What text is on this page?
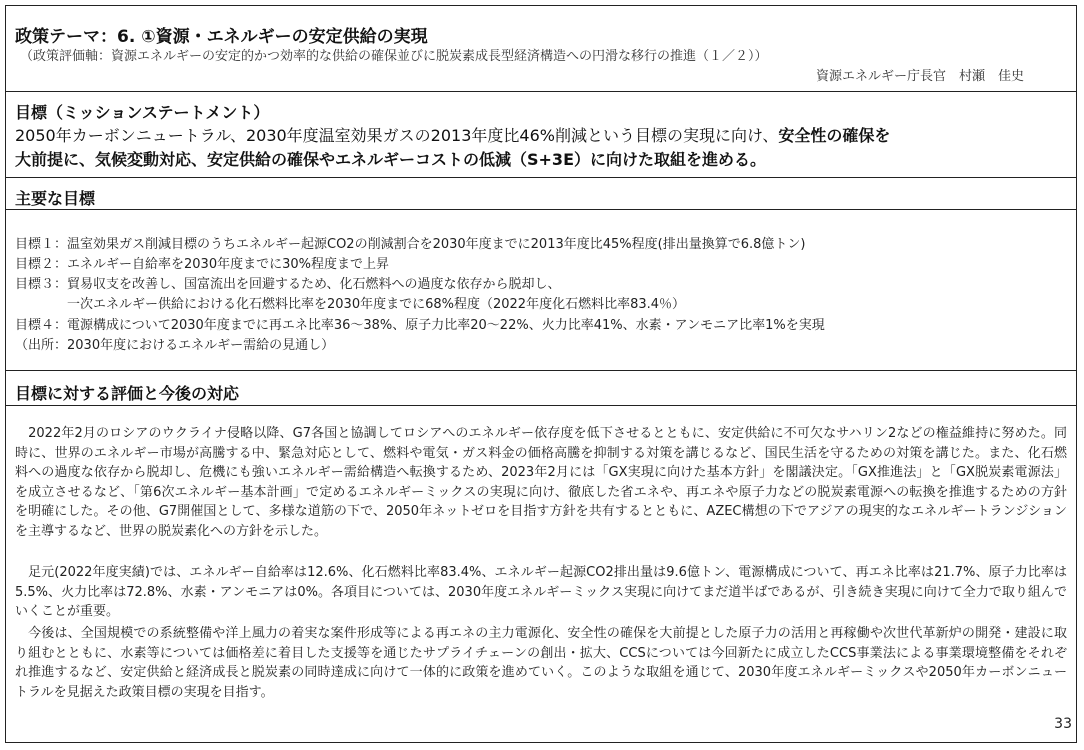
政策テーマ：6. ①資源・エネルギーの安定供給の実現
（政策評価軸：資源エネルギーの安定的かつ効率的な供給の確保並びに脱炭素成長型経済構造への円滑な移行の推進（１／２））
資源エネルギー庁長官　村瀬　佳史
目標（ミッションステートメント）
2050年カーボンニュートラル、2030年度温室効果ガスの2013年度比46%削減という目標の実現に向け、安全性の確保を
大前提に、気候変動対応、安定供給の確保やエネルギーコストの低減（S+3E）に向けた取組を進める。
主要な目標
目標１：温室効果ガス削減目標のうちエネルギー起源CO2の削減割合を2030年度までに2013年度比45%程度(排出量換算で6.8億トン)
目標２：エネルギー自給率を2030年度までに30%程度まで上昇
目標３：貿易収支を改善し、国富流出を回避するため、化石燃料への過度な依存から脱却し、
　　　　一次エネルギー供給における化石燃料比率を2030年度までに68%程度（2022年度化石燃料比率83.4％）
目標４：電源構成について2030年度までに再エネ比率36～38%、原子力比率20～22%、火力比率41%、水素・アンモニア比率1%を実現
（出所：2030年度におけるエネルギー需給の見通し）
目標に対する評価と今後の対応
　2022年2月のロシアのウクライナ侵略以降、G7各国と協調してロシアへのエネルギー依存度を低下させるとともに、安定供給に不可欠なサハリン2などの権益維持に努めた。同時に、世界のエネルギー市場が高騰する中、緊急対応として、燃料や電気・ガス料金の価格高騰を抑制する対策を講じるなど、国民生活を守るための対策を講じた。また、化石燃料への過度な依存から脱却し、危機にも強いエネルギー需給構造へ転換するため、2023年2月には「GX実現に向けた基本方針」を閣議決定。「GX推進法」と「GX脱炭素電源法」を成立させるなど、「第6次エネルギー基本計画」で定めるエネルギーミックスの実現に向け、徹底した省エネや、再エネや原子力などの脱炭素電源への転換を推進するための方針を明確にした。その他、G7開催国として、多様な道筋の下で、2050年ネットゼロを目指す方針を共有するとともに、AZEC構想の下でアジアの現実的なエネルギートランジションを主導するなど、世界の脱炭素化への方針を示した。
　足元(2022年度実績)では、エネルギー自給率は12.6%、化石燃料比率83.4%、エネルギー起源CO2排出量は9.6億トン、電源構成について、再エネ比率は21.7%、原子力比率は5.5%、火力比率は72.8%、水素・アンモニアは0%。各項目については、2030年度エネルギーミックス実現に向けてまだ道半ばであるが、引き続き実現に向けて全力で取り組んでいくことが重要。
　今後は、全国規模での系統整備や洋上風力の着実な案件形成等による再エネの主力電源化、安全性の確保を大前提とした原子力の活用と再稼働や次世代革新炉の開発・建設に取り組むとともに、水素等については価格差に着目した支援等を通じたサプライチェーンの創出・拡大、CCSについては今回新たに成立したCCS事業法による事業環境整備をそれぞれ推進するなど、安定供給と経済成長と脱炭素の同時達成に向けて一体的に政策を進めていく。このような取組を通じて、2030年度エネルギーミックスや2050年カーボンニュートラルを見据えた政策目標の実現を目指す。
33
